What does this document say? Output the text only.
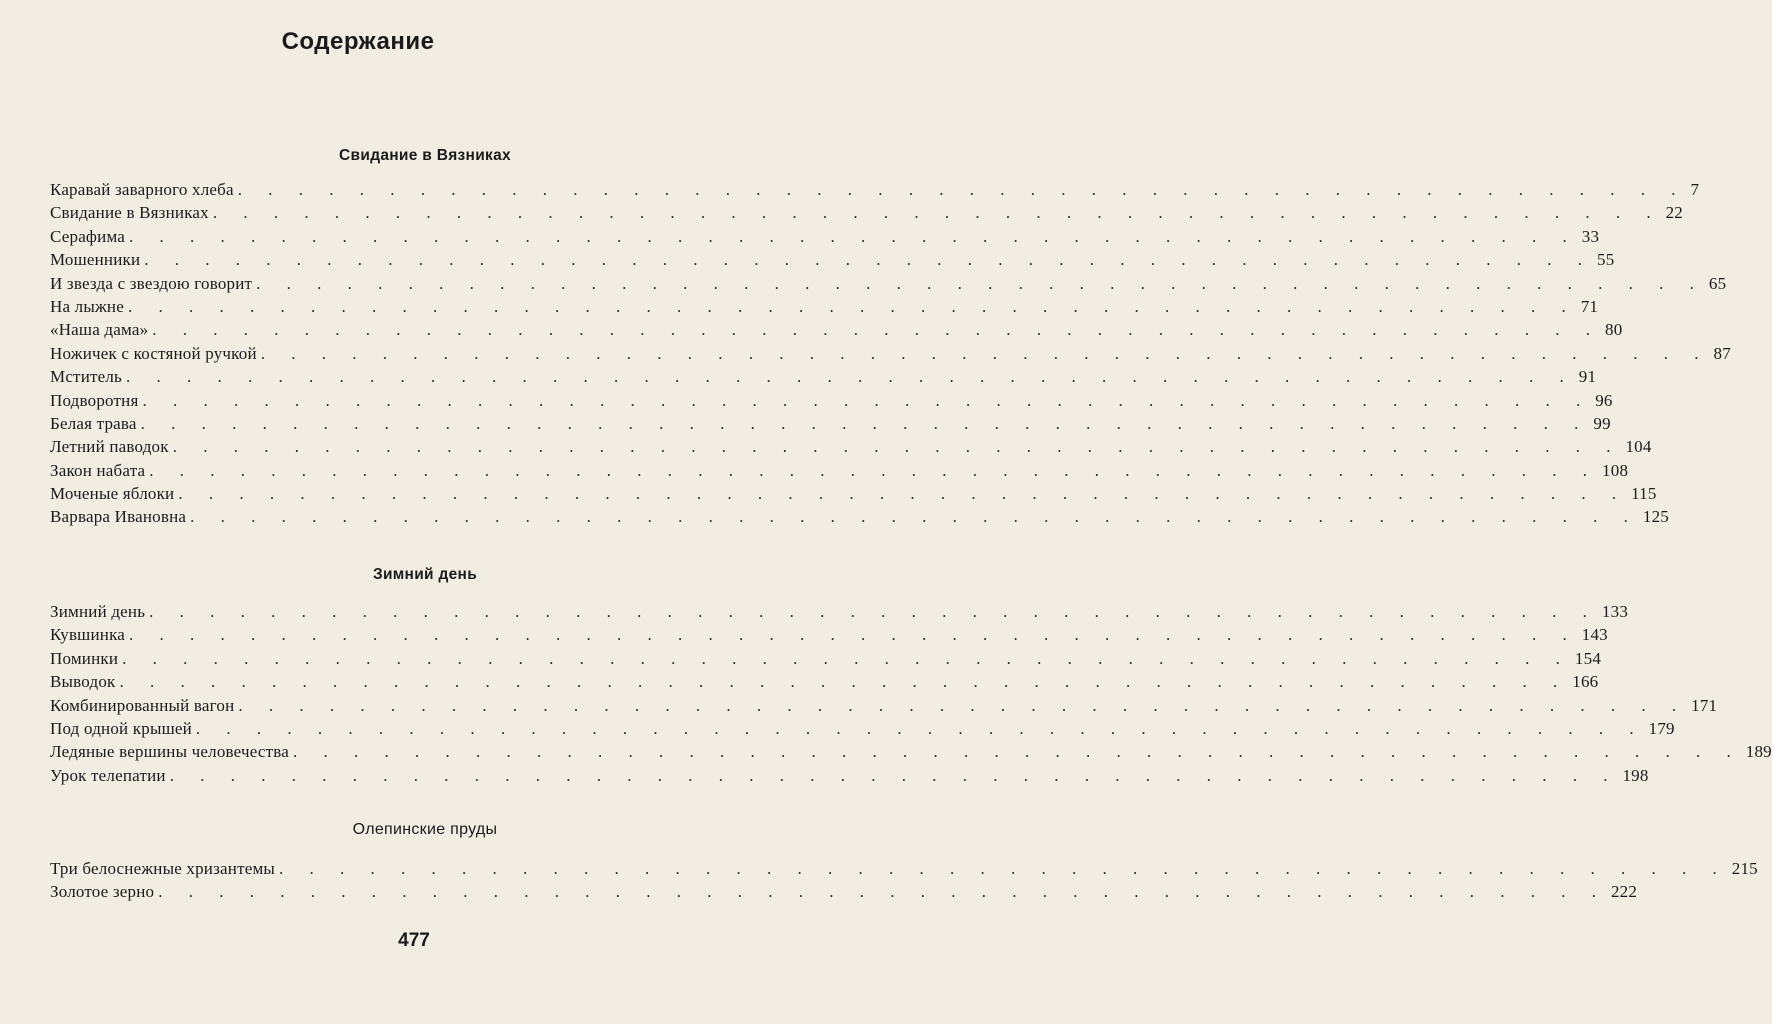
Содержание
Свидание в Вязниках
Каравай заварного хлеба . . . . . . . . . . . . . . . . . . . . . . . . . . . . . . . . . . . . . . . . . . . . . . . . 7
Свидание в Вязниках . . . . . . . . . . . . . . . . . . . . . . . . . . . . . . . . . . . . . . . . . . . . . . . . 22
Серафима . . . . . . . . . . . . . . . . . . . . . . . . . . . . . . . . . . . . . . . . . . . . . . . . 33
Мошенники . . . . . . . . . . . . . . . . . . . . . . . . . . . . . . . . . . . . . . . . . . . . . . . . 55
И звезда с звездою говорит . . . . . . . . . . . . . . . . . . . . . . . . . . . . . . . . . . . . . . . . . . . . . . . . 65
На лыжне . . . . . . . . . . . . . . . . . . . . . . . . . . . . . . . . . . . . . . . . . . . . . . . . 71
«Наша дама» . . . . . . . . . . . . . . . . . . . . . . . . . . . . . . . . . . . . . . . . . . . . . . . . 80
Ножичек с костяной ручкой . . . . . . . . . . . . . . . . . . . . . . . . . . . . . . . . . . . . . . . . . . . . . . . . 87
Мститель . . . . . . . . . . . . . . . . . . . . . . . . . . . . . . . . . . . . . . . . . . . . . . . . 91
Подворотня . . . . . . . . . . . . . . . . . . . . . . . . . . . . . . . . . . . . . . . . . . . . . . . . 96
Белая трава . . . . . . . . . . . . . . . . . . . . . . . . . . . . . . . . . . . . . . . . . . . . . . . . 99
Летний паводок . . . . . . . . . . . . . . . . . . . . . . . . . . . . . . . . . . . . . . . . . . . . . . . . 104
Закон набата . . . . . . . . . . . . . . . . . . . . . . . . . . . . . . . . . . . . . . . . . . . . . . . . 108
Моченые яблоки . . . . . . . . . . . . . . . . . . . . . . . . . . . . . . . . . . . . . . . . . . . . . . . . 115
Варвара Ивановна . . . . . . . . . . . . . . . . . . . . . . . . . . . . . . . . . . . . . . . . . . . . . . . . 125
Зимний день
Зимний день . . . . . . . . . . . . . . . . . . . . . . . . . . . . . . . . . . . . . . . . . . . . . . . . 133
Кувшинка . . . . . . . . . . . . . . . . . . . . . . . . . . . . . . . . . . . . . . . . . . . . . . . . 143
Поминки . . . . . . . . . . . . . . . . . . . . . . . . . . . . . . . . . . . . . . . . . . . . . . . . 154
Выводок . . . . . . . . . . . . . . . . . . . . . . . . . . . . . . . . . . . . . . . . . . . . . . . . 166
Комбинированный вагон . . . . . . . . . . . . . . . . . . . . . . . . . . . . . . . . . . . . . . . . . . . . . . . . 171
Под одной крышей . . . . . . . . . . . . . . . . . . . . . . . . . . . . . . . . . . . . . . . . . . . . . . . . 179
Ледяные вершины человечества . . . . . . . . . . . . . . . . . . . . . . . . . . . . . . . . . . . . . . . . . . . . . . . . 189
Урок телепатии . . . . . . . . . . . . . . . . . . . . . . . . . . . . . . . . . . . . . . . . . . . . . . . . 198
Олепинские пруды
Три белоснежные хризантемы . . . . . . . . . . . . . . . . . . . . . . . . . . . . . . . . . . . . . . . . . . . . . . . . 215
Золотое зерно . . . . . . . . . . . . . . . . . . . . . . . . . . . . . . . . . . . . . . . . . . . . . . . . 222
477
